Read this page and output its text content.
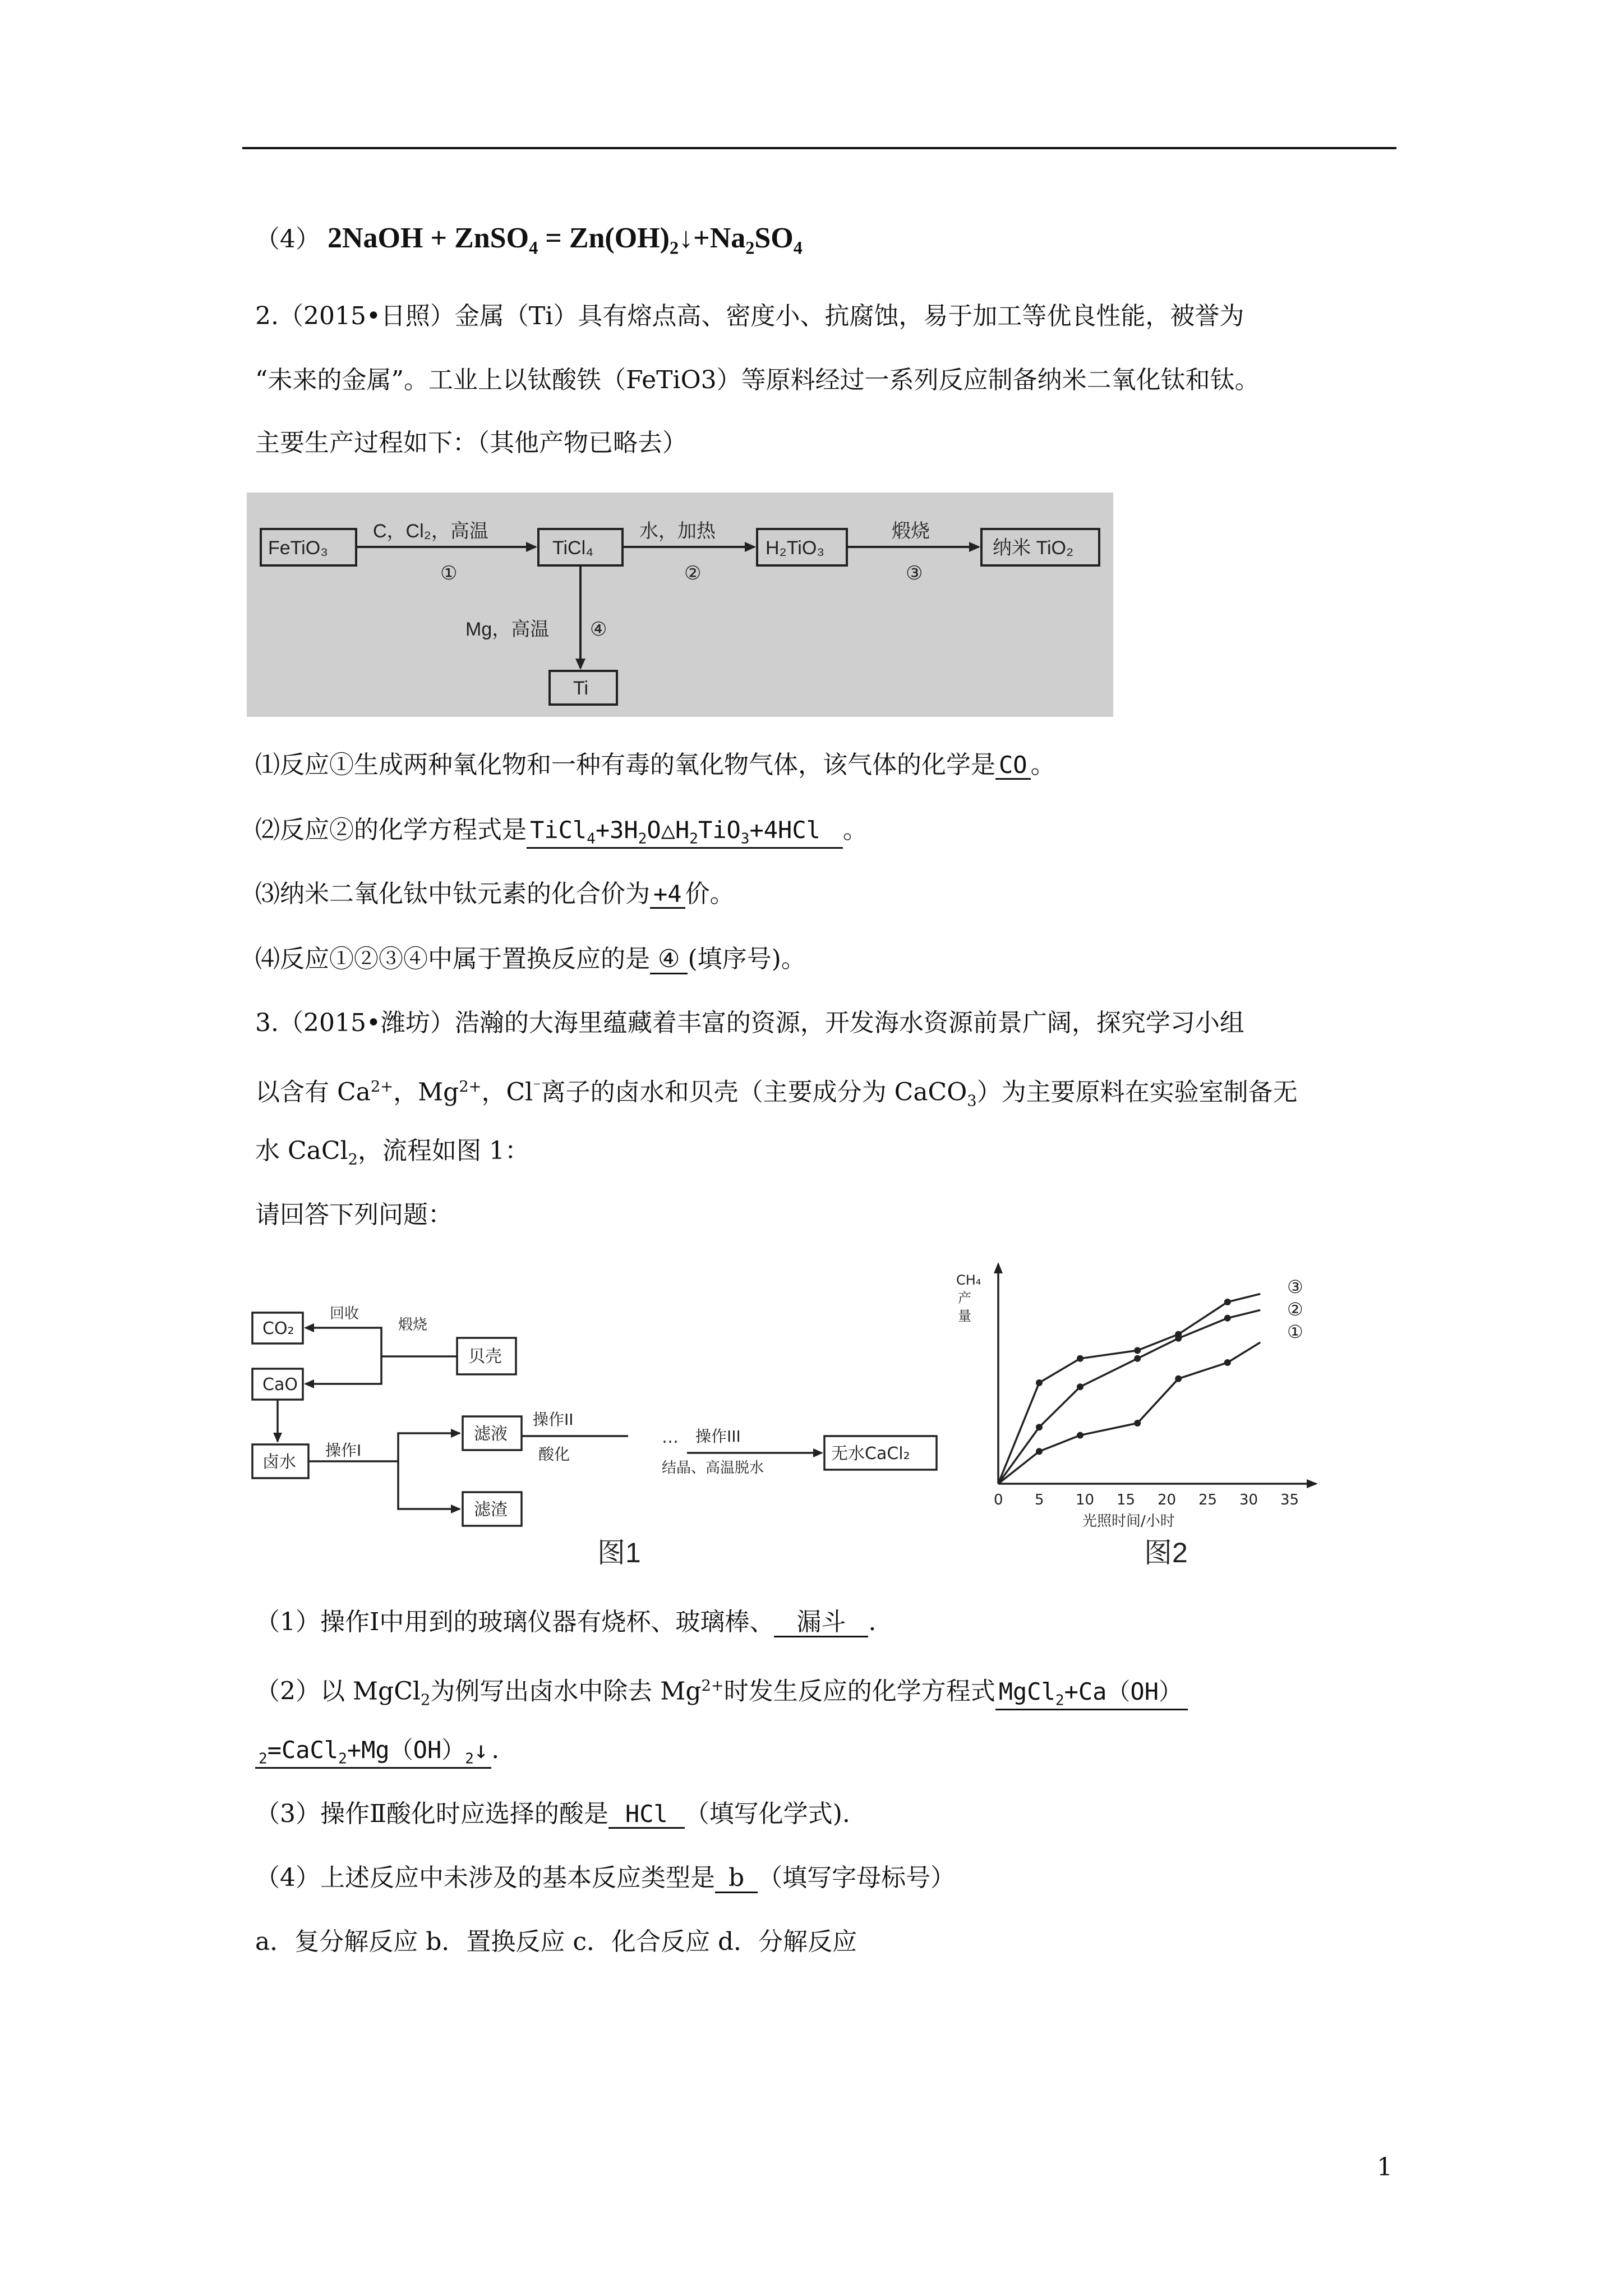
（4） 2NaOH + ZnSO$_4$ = $Zn(OH)_2↓+Na_2SO_4$
2.（2015•日照）金属（Ti）具有熔点高、密度小、抗腐蚀，易于加工等优良性能，被誉为
“未来的金属”。工业上以钛酸铁（FeTiO3）等原料经过一系列反应制备纳米二氧化钛和钛。
主要生产过程如下：（其他产物已略去）
FeTiO₃	TiCl₄	H₂TiO₃	纳米 TiO₂
Ti
C，Cl₂，高温
①
水，加热
②
煅烧
③
Mg，高温 ④
⑴反应①生成两种氧化物和一种有毒的氧化物气体，该气体的化学是 CO 。
⑵反应②的化学方程式是 $TiCl_4+3H_2O\triangle H_2TiO_3+4HCl$ 。
⑶纳米二氧化钛中钛元素的化合价为 +4 价。
⑷反应①②③④中属于置换反应的是 ④ (填序号)。
3.（2015•潍坊）浩瀚的大海里蕴藏着丰富的资源，开发海水资源前景广阔，探究学习小组
以含有 $Ca^{2+}$，$Mg^{2+}$，Cl⁻离子的卤水和贝壳（主要成分为 CaCO$_3$）为主要原料在实验室制备无
水 CaCl$_2$，流程如图 1：
请回答下列问题：
CO₂
CaO
贝壳
卤水
滤液
滤渣
无水CaCl₂
回收
煅烧
操作I
操作II
酸化
… 操作III
结晶、高温脱水
图1
CH₄ 产量
光照时间/小时
0 5 10 15 20 25 30 35
③
②
①
图2
（1）操作Ⅰ中用到的玻璃仪器有烧杯、玻璃棒、 漏斗 .
（2）以 MgCl$_2$为例写出卤水中除去 $Mg^{2+}$时发生反应的化学方程式 MgCl$_2$+Ca（OH）
$_2=CaCl_2+Mg(OH)_2↓$ .
（3）操作Ⅱ酸化时应选择的酸是 HCl （填写化学式).
（4）上述反应中未涉及的基本反应类型是 b （填写字母标号）
a．复分解反应 b．置换反应 c．化合反应 d．分解反应
1
